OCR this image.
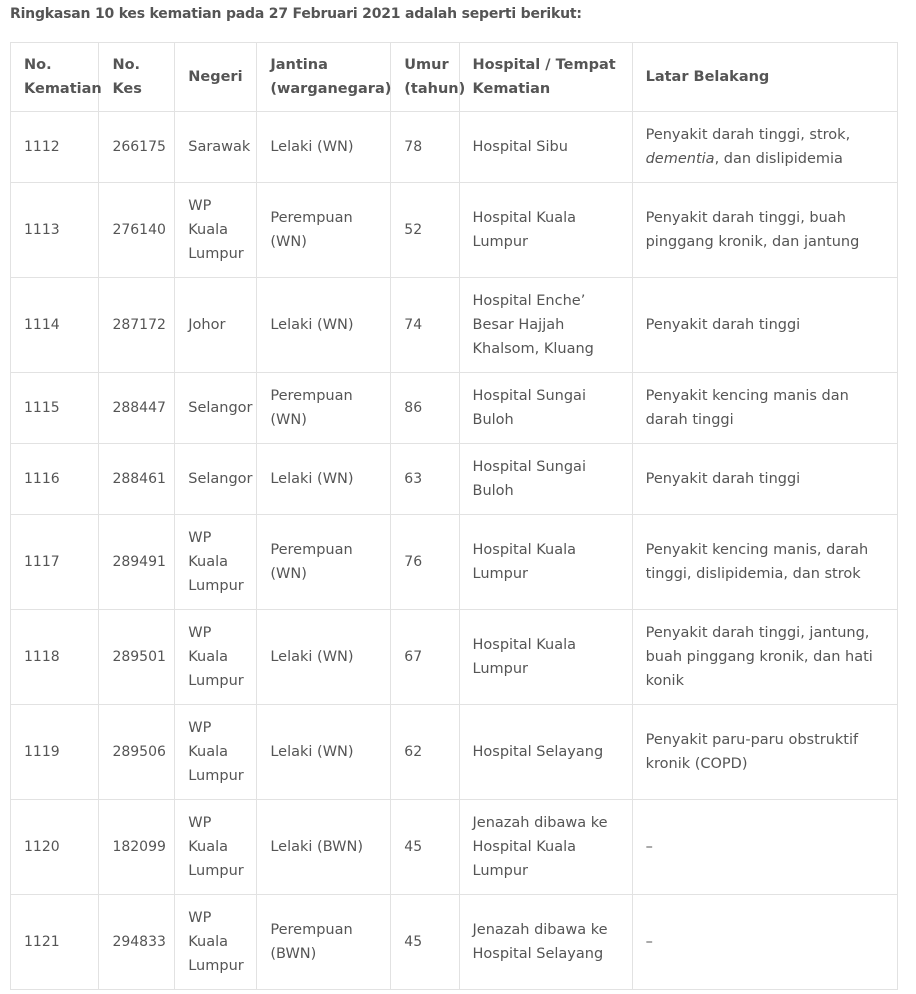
Ringkasan 10 kes kematian pada 27 Februari 2021 adalah seperti berikut:

No. Kematian	No. Kes	Negeri	Jantina (warganegara)	Umur (tahun)	Hospital / Tempat Kematian	Latar Belakang
1112	266175	Sarawak	Lelaki (WN)	78	Hospital Sibu	Penyakit darah tinggi, strok, dementia, dan dislipidemia
1113	276140	WP Kuala Lumpur	Perempuan (WN)	52	Hospital Kuala Lumpur	Penyakit darah tinggi, buah pinggang kronik, dan jantung
1114	287172	Johor	Lelaki (WN)	74	Hospital Enche’ Besar Hajjah Khalsom, Kluang	Penyakit darah tinggi
1115	288447	Selangor	Perempuan (WN)	86	Hospital Sungai Buloh	Penyakit kencing manis dan darah tinggi
1116	288461	Selangor	Lelaki (WN)	63	Hospital Sungai Buloh	Penyakit darah tinggi
1117	289491	WP Kuala Lumpur	Perempuan (WN)	76	Hospital Kuala Lumpur	Penyakit kencing manis, darah tinggi, dislipidemia, dan strok
1118	289501	WP Kuala Lumpur	Lelaki (WN)	67	Hospital Kuala Lumpur	Penyakit darah tinggi, jantung, buah pinggang kronik, dan hati konik
1119	289506	WP Kuala Lumpur	Lelaki (WN)	62	Hospital Selayang	Penyakit paru-paru obstruktif kronik (COPD)
1120	182099	WP Kuala Lumpur	Lelaki (BWN)	45	Jenazah dibawa ke Hospital Kuala Lumpur	–
1121	294833	WP Kuala Lumpur	Perempuan (BWN)	45	Jenazah dibawa ke Hospital Selayang	–
